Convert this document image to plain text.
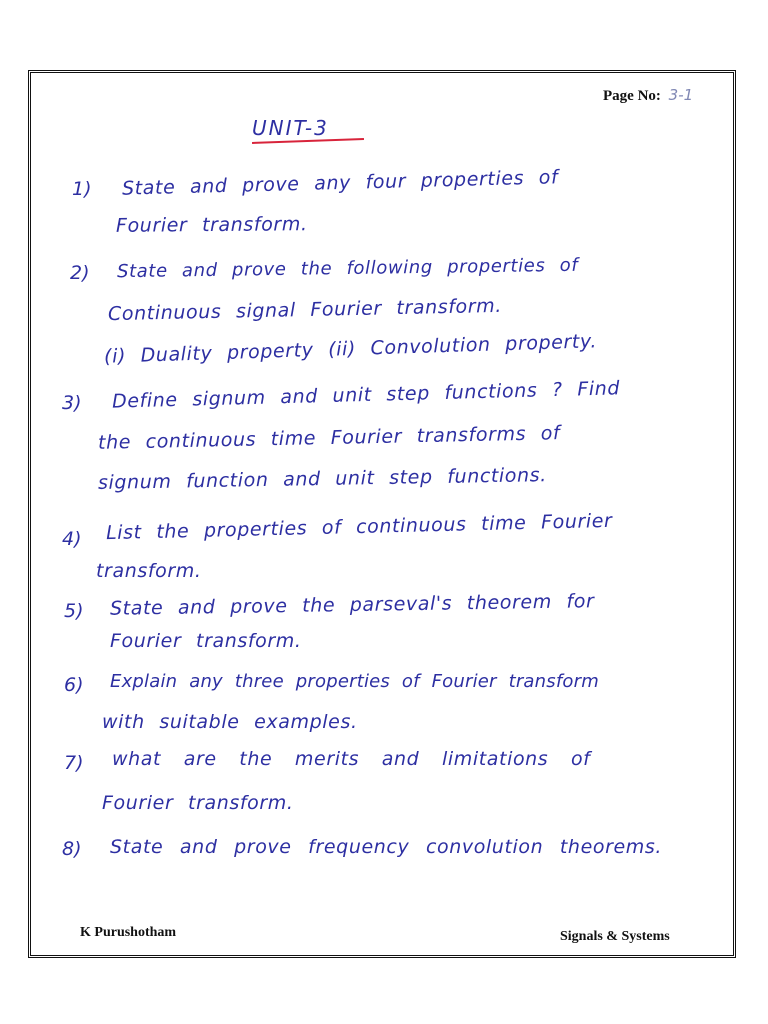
Page No: 3-1
UNIT-3
1) State and prove any four properties of
Fourier transform.
2) State and prove the following properties of
Continuous signal Fourier transform.
(i) Duality property (ii) Convolution property.
3) Define signum and unit step functions ? Find
the continuous time Fourier transforms of
signum function and unit step functions.
4) List the properties of continuous time Fourier
transform.
5) State and prove the parseval's theorem for
Fourier transform.
6) Explain any three properties of Fourier transform
with suitable examples.
7) what are the merits and limitations of
Fourier transform.
8) State and prove frequency convolution theorems.
K Purushotham	Signals & Systems
